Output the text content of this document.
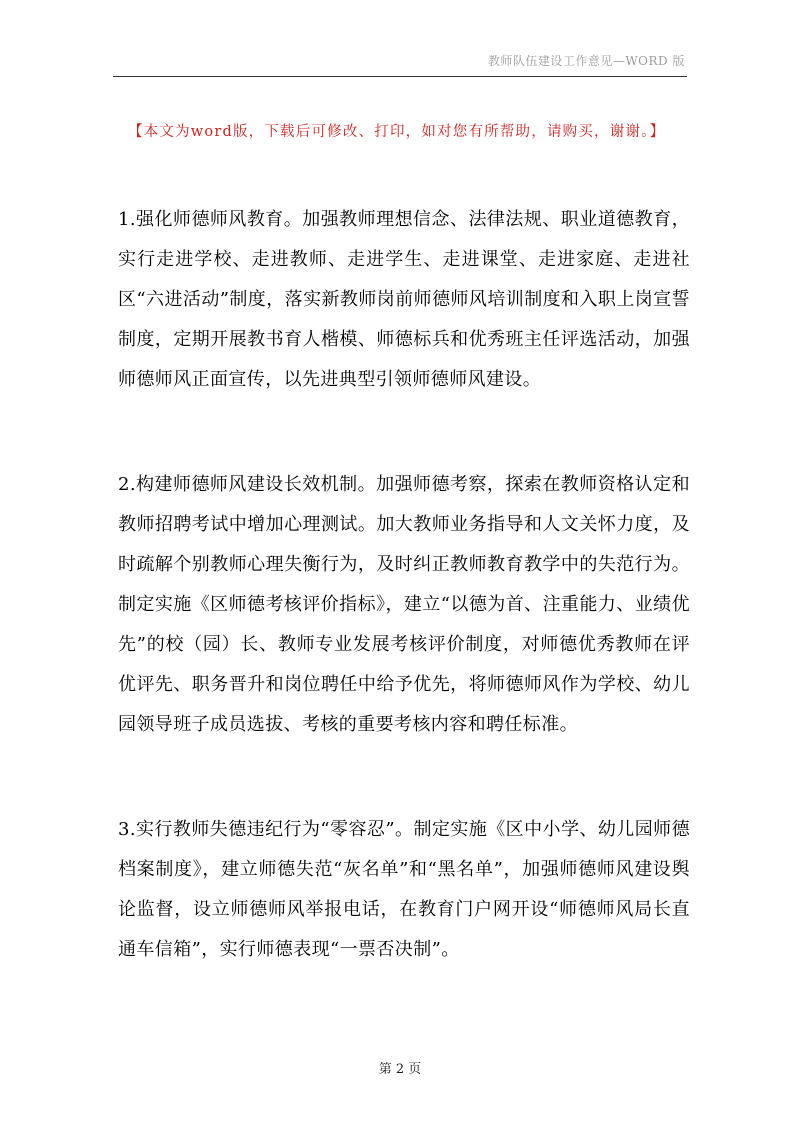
教师队伍建设工作意见—WORD 版
【本文为word版，下载后可修改、打印，如对您有所帮助，请购买，谢谢。】

1.强化师德师风教育。加强教师理想信念、法律法规、职业道德教育，实行走进学校、走进教师、走进学生、走进课堂、走进家庭、走进社区“六进活动”制度，落实新教师岗前师德师风培训制度和入职上岗宣誓制度，定期开展教书育人楷模、师德标兵和优秀班主任评选活动，加强师德师风正面宣传，以先进典型引领师德师风建设。

2.构建师德师风建设长效机制。加强师德考察，探索在教师资格认定和教师招聘考试中增加心理测试。加大教师业务指导和人文关怀力度，及时疏解个别教师心理失衡行为，及时纠正教师教育教学中的失范行为。制定实施《区师德考核评价指标》，建立“以德为首、注重能力、业绩优先”的校（园）长、教师专业发展考核评价制度，对师德优秀教师在评优评先、职务晋升和岗位聘任中给予优先，将师德师风作为学校、幼儿园领导班子成员选拔、考核的重要考核内容和聘任标准。

3.实行教师失德违纪行为“零容忍”。制定实施《区中小学、幼儿园师德档案制度》，建立师德失范“灰名单”和“黑名单”，加强师德师风建设舆论监督，设立师德师风举报电话，在教育门户网开设“师德师风局长直通车信箱”，实行师德表现“一票否决制”。

第 2 页
